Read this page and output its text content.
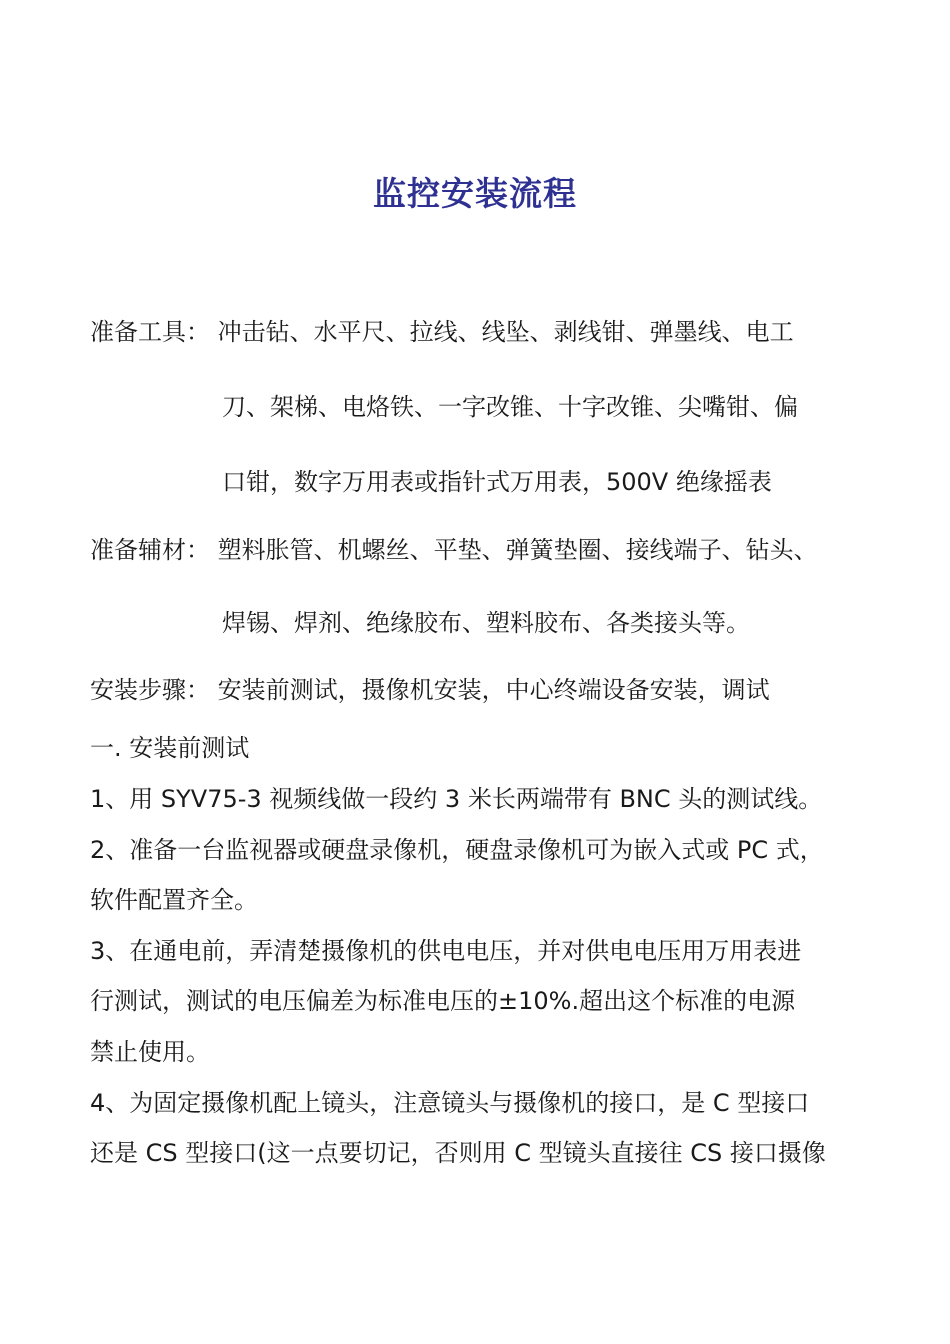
监控安装流程
准备工具： 冲击钻、水平尺、拉线、线坠、剥线钳、弹墨线、电工
刀、架梯、电烙铁、一字改锥、十字改锥、尖嘴钳、偏
口钳，数字万用表或指针式万用表，500V 绝缘摇表
准备辅材： 塑料胀管、机螺丝、平垫、弹簧垫圈、接线端子、钻头、
焊锡、焊剂、绝缘胶布、塑料胶布、各类接头等。
安装步骤： 安装前测试，摄像机安装，中心终端设备安装，调试
一. 安装前测试
1、用 SYV75-3 视频线做一段约 3 米长两端带有 BNC 头的测试线。
2、准备一台监视器或硬盘录像机，硬盘录像机可为嵌入式或 PC 式，
软件配置齐全。
3、在通电前，弄清楚摄像机的供电电压，并对供电电压用万用表进
行测试，测试的电压偏差为标准电压的±10%.超出这个标准的电源
禁止使用。
4、为固定摄像机配上镜头，注意镜头与摄像机的接口，是 C 型接口
还是 CS 型接口(这一点要切记，否则用 C 型镜头直接往 CS 接口摄像
